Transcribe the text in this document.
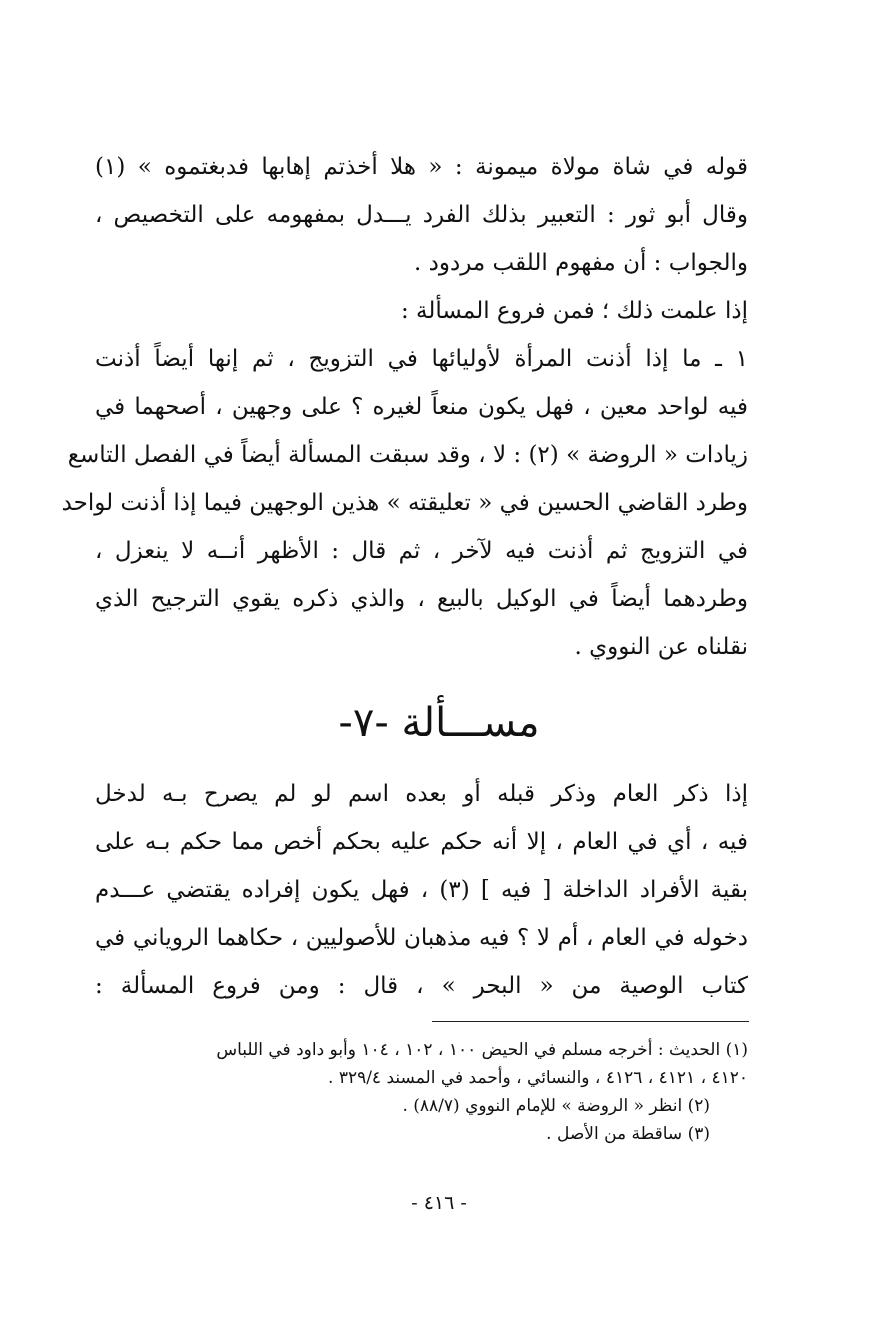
قوله في شاة مولاة ميمونة : « هلا أخذتم إهابها فدبغتموه » (١)
وقال أبو ثور : التعبير بذلك الفرد يـــدل بمفهومه على التخصيص ،
والجواب : أن مفهوم اللقب مردود .
إذا علمت ذلك ؛ فمن فروع المسألة :
١ ـ ما إذا أذنت المرأة لأوليائها في التزويج ، ثم إنها أيضاً أذنت
فيه لواحد معين ، فهل يكون منعاً لغيره ؟ على وجهين ، أصحهما في
زيادات « الروضة » (٢) : لا ، وقد سبقت المسألة أيضاً في الفصل التاسع
وطرد القاضي الحسين في « تعليقته » هذين الوجهين فيما إذا أذنت لواحد
في التزويج ثم أذنت فيه لآخر ، ثم قال : الأظهر أنــه لا ينعزل ،
وطردهما أيضاً في الوكيل بالبيع ، والذي ذكره يقوي الترجيح الذي
نقلناه عن النووي .
مســـألة -٧-
إذا ذكر العام وذكر قبله أو بعده اسم لو لم يصرح بـه لدخل
فيه ، أي في العام ، إلا أنه حكم عليه بحكم أخص مما حكم بـه على
بقية الأفراد الداخلة [ فيه ] (٣) ، فهل يكون إفراده يقتضي عـــدم
دخوله في العام ، أم لا ؟ فيه مذهبان للأصوليين ، حكاهما الروياني في
كتاب الوصية من « البحر » ، قال : ومن فروع المسألة :
(١) الحديث : أخرجه مسلم في الحيض ١٠٠ ، ١٠٢ ، ١٠٤ وأبو داود في اللباس
٤١٢٠ ، ٤١٢١ ، ٤١٢٦ ، والنسائي ، وأحمد في المسند ٣٢٩/٤ .
(٢) انظر « الروضة » للإمام النووي (٨٨/٧) .
(٣) ساقطة من الأصل .
- ٤١٦ -
